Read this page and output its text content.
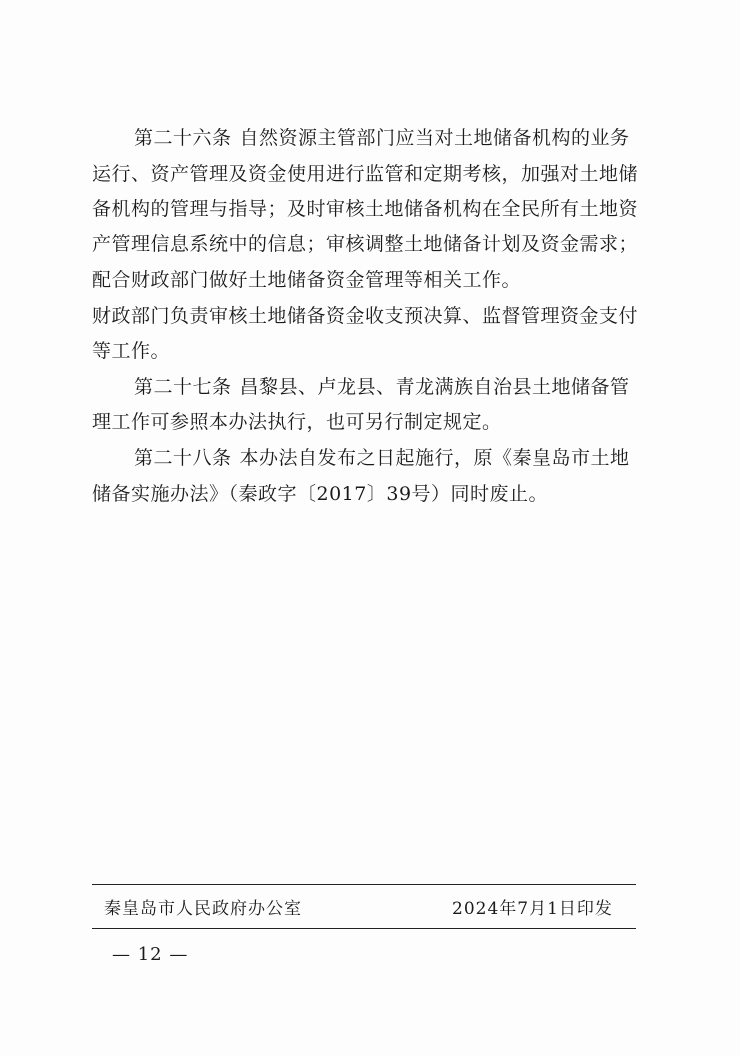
第二十六条 自然资源主管部门应当对土地储备机构的业务
运行、资产管理及资金使用进行监管和定期考核，加强对土地储
备机构的管理与指导；及时审核土地储备机构在全民所有土地资
产管理信息系统中的信息；审核调整土地储备计划及资金需求；
配合财政部门做好土地储备资金管理等相关工作。
财政部门负责审核土地储备资金收支预决算、监督管理资金支付
等工作。
第二十七条 昌黎县、卢龙县、青龙满族自治县土地储备管
理工作可参照本办法执行，也可另行制定规定。
第二十八条 本办法自发布之日起施行，原《秦皇岛市土地
储备实施办法》（秦政字〔2017〕39号）同时废止。
秦皇岛市人民政府办公室	2024年7月1日印发
— 12 —
